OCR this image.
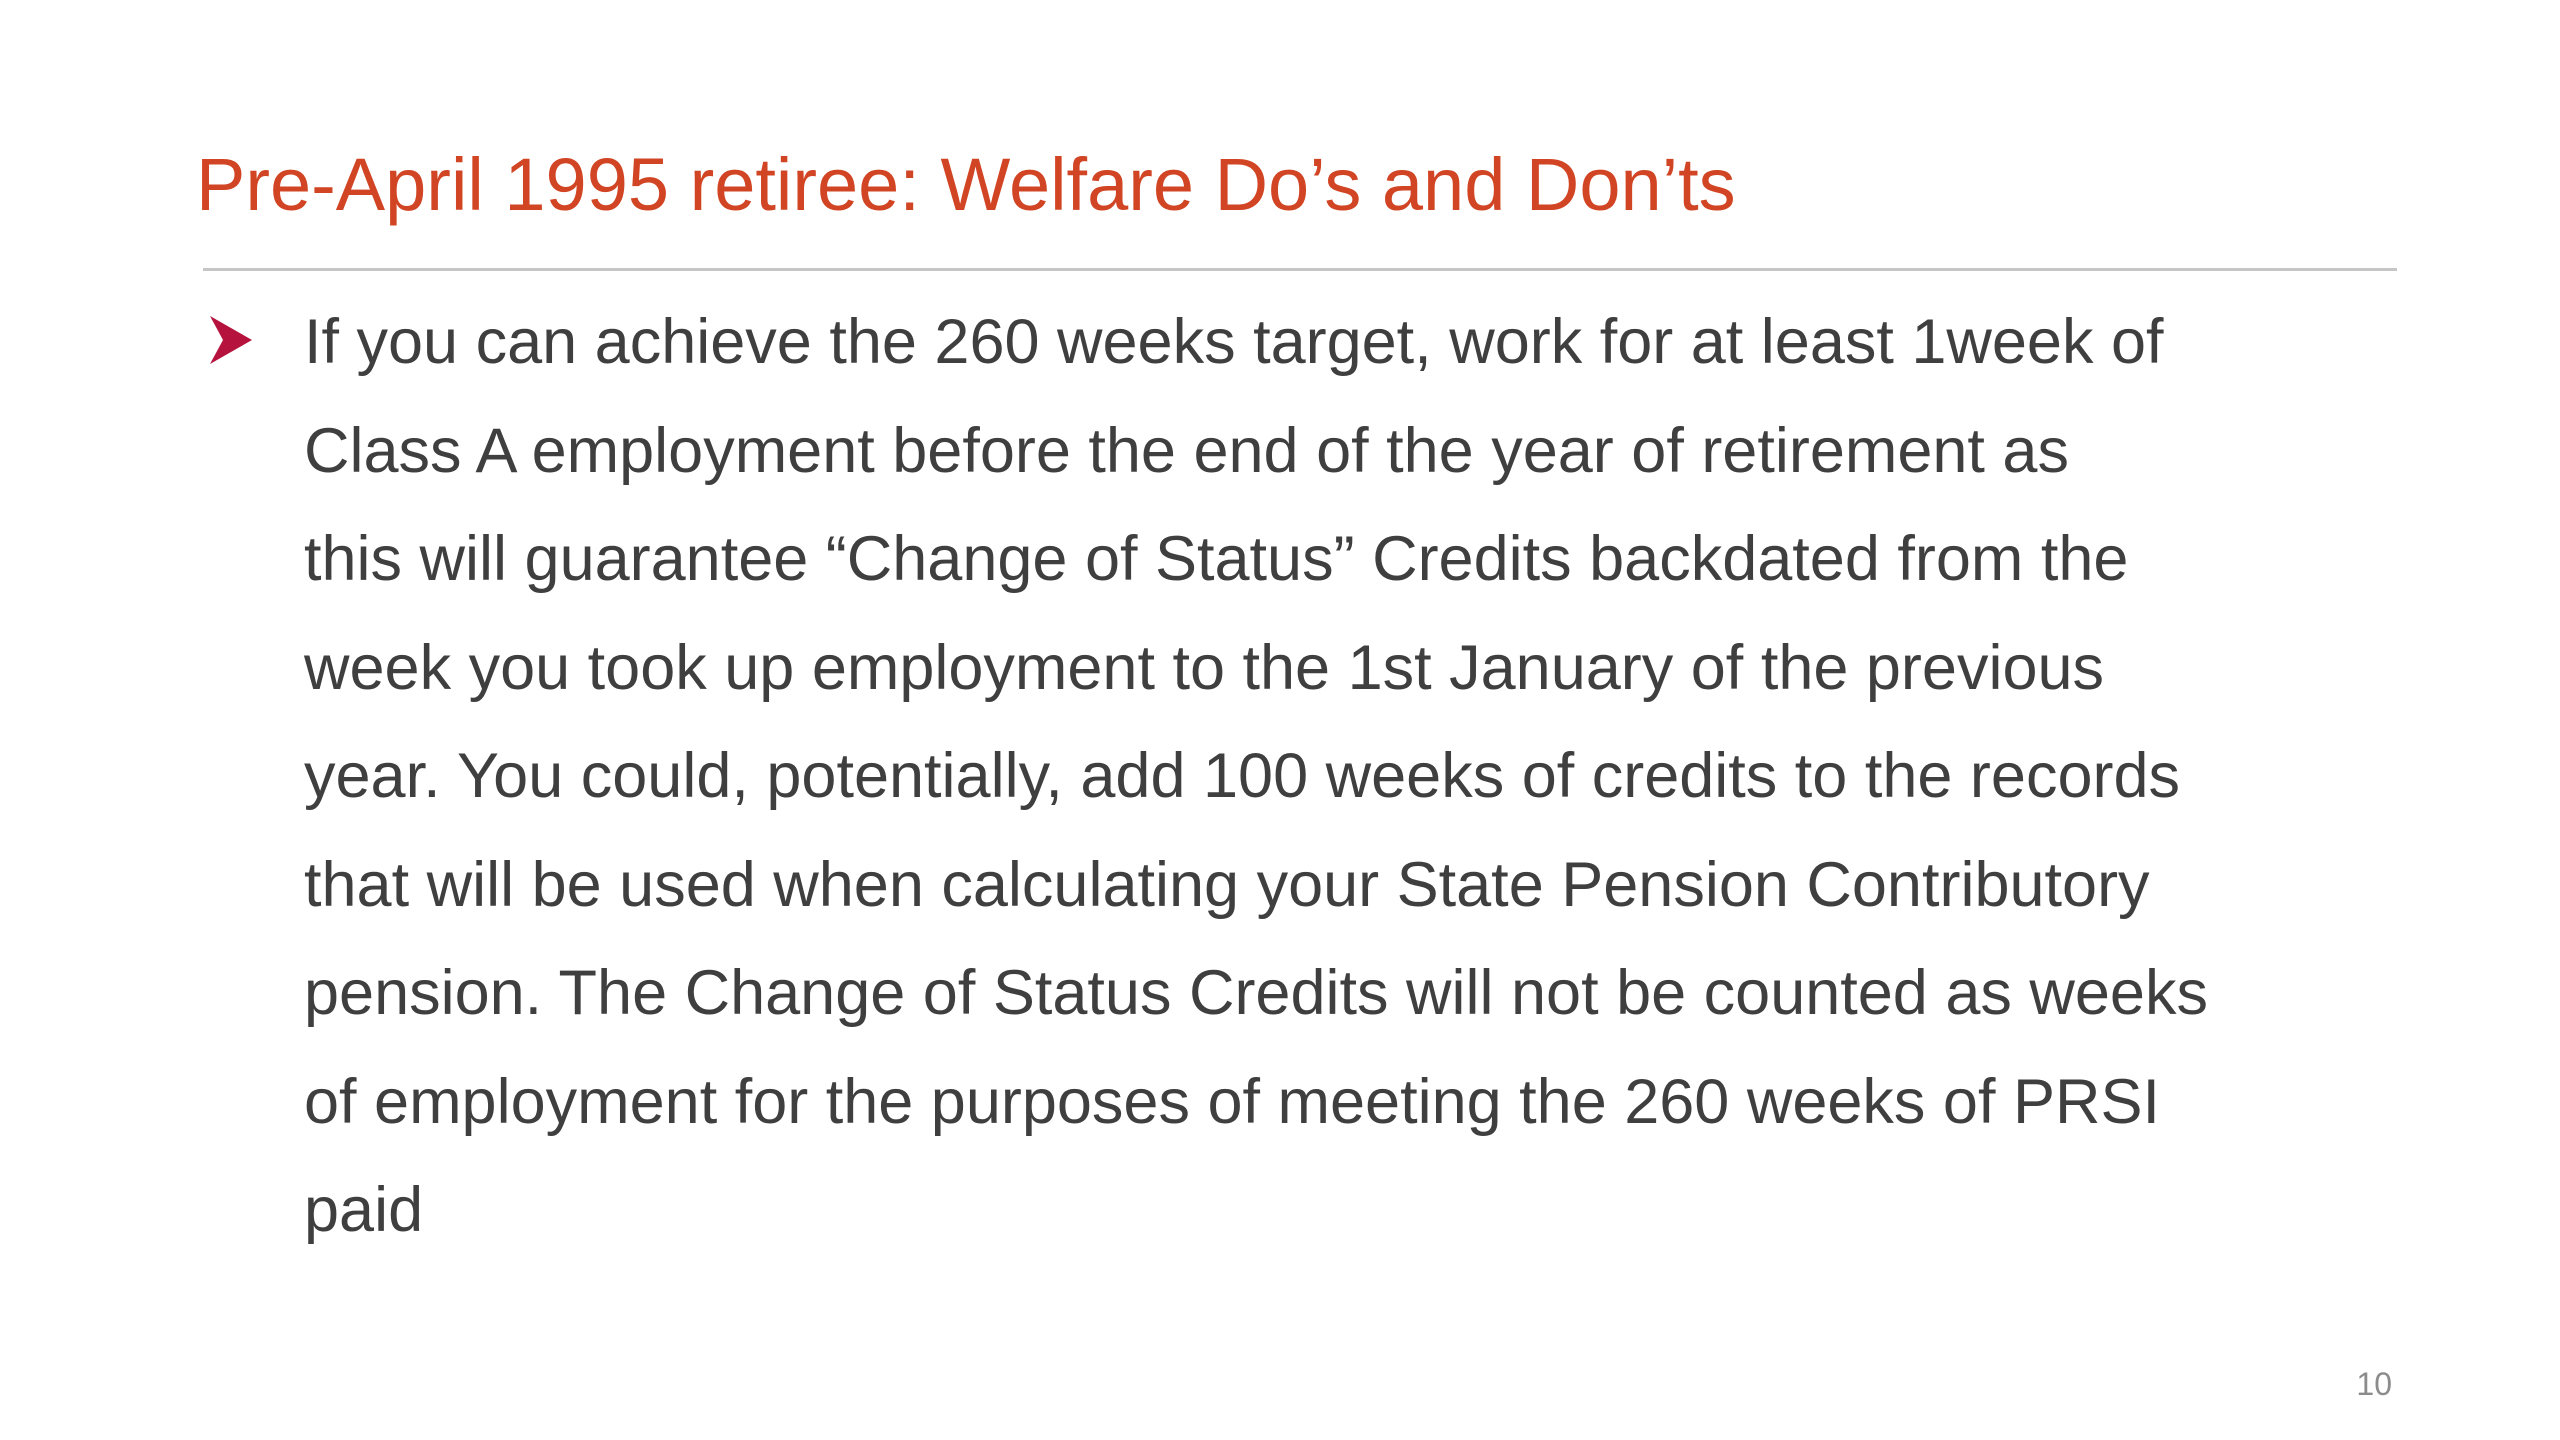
Pre-April 1995 retiree: Welfare Do’s and Don’ts

If you can achieve the 260 weeks target, work for at least 1week of
Class A employment before the end of the year of retirement as
this will guarantee “Change of Status” Credits backdated from the
week you took up employment to the 1st January of the previous
year. You could, potentially, add 100 weeks of credits to the records
that will be used when calculating your State Pension Contributory
pension. The Change of Status Credits will not be counted as weeks
of employment for the purposes of meeting the 260 weeks of PRSI
paid

10
